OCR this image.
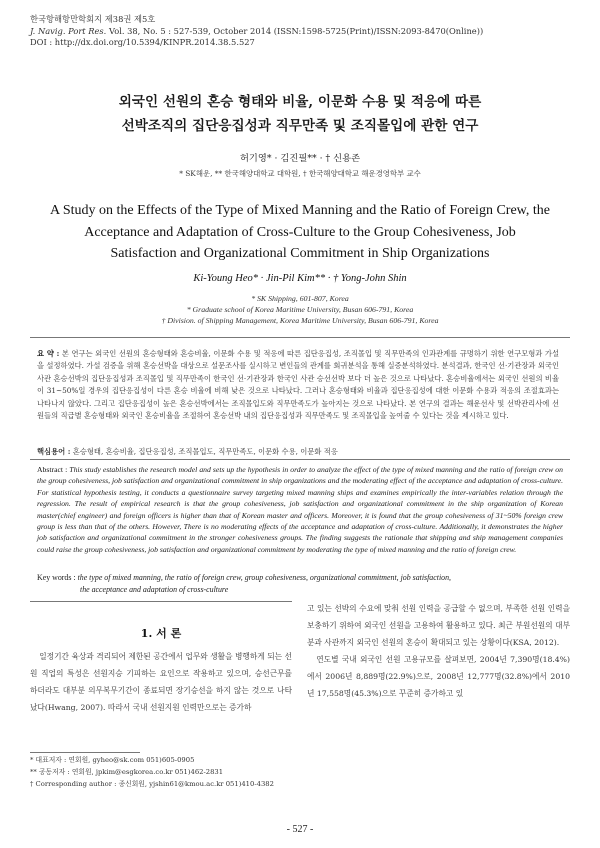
한국항해항만학회지 제38권 제5호
J. Navig. Port Res. Vol. 38, No. 5 : 527-539, October 2014 (ISSN:1598-5725(Print)/ISSN:2093-8470(Online))
DOI : http://dx.doi.org/10.5394/KINPR.2014.38.5.527
외국인 선원의 혼승 형태와 비율, 이문화 수용 및 적응에 따른
선박조직의 집단응집성과 직무만족 및 조직몰입에 관한 연구
허기영* · 김진필** · † 신용존
* SK해운, ** 한국해양대학교 대학원, † 한국해양대학교 해운경영학부 교수
A Study on the Effects of the Type of Mixed Manning and the Ratio of Foreign Crew, the
Acceptance and Adaptation of Cross-Culture to the Group Cohesiveness, Job
Satisfaction and Organizational Commitment in Ship Organizations
Ki-Young Heo* · Jin-Pil Kim** · † Yong-John Shin
* SK Shipping, 601-807, Korea
* Graduate school of Korea Maritime University, Busan 606-791, Korea
† Division. of Shipping Management, Korea Maritime University, Busan 606-791, Korea
요 약 : 본 연구는 외국인 선원의 혼승형태와 혼승비율, 이문화 수용 및 적응에 따른 집단응집성, 조직몰입 및 직무만족의 인과관계를 규명하기 위한 연구모형과 가설을 설정하였다. 가설 검증을 위해 혼승선박을 대상으로 설문조사를 실시하고 변인들의 관계를 회귀분석을 통해 실증분석하였다. 분석결과, 한국인 선·기관장과 외국인 사관 혼승선박의 집단응집성과 조직몰입 및 직무만족이 한국인 선·기관장과 한국인 사관 승선선박 보다 더 높은 것으로 나타났다. 혼승비율에서는 외국인 선원의 비율이 31~50%일 경우의 집단응집성이 다른 혼승 비율에 비해 낮은 것으로 나타났다. 그러나 혼승형태와 비율과 집단응집성에 대한 이문화 수용과 적응의 조절효과는 나타나지 않았다. 그리고 집단응집성이 높은 혼승선박에서는 조직몰입도와 직무만족도가 높아지는 것으로 나타났다. 본 연구의 결과는 해운선사 및 선박관리사에 선원들의 직급별 혼승형태와 외국인 혼승비율을 조절하여 혼승선박 내의 집단응집성과 직무만족도 및 조직몰입을 높여줄 수 있다는 것을 제시하고 있다.
핵심용어 : 혼승형태, 혼승비율, 집단응집성, 조직몰입도, 직무만족도, 이문화 수용, 이문화 적응
Abstract : This study establishes the research model and sets up the hypothesis in order to analyze the effect of the type of mixed manning and the ratio of foreign crew on the group cohesiveness, job satisfaction and organizational commitment in ship organizations and the moderating effect of the acceptance and adaptation of cross-culture. For statistical hypothesis testing, it conducts a questionnaire survey targeting mixed manning ships and examines empirically the inter-variables relation through the regression. The result of empirical research is that the group cohesiveness, job satisfaction and organizational commitment in the ship organization of Korean master(chief engineer) and foreign officers is higher than that of Korean master and officers. Moreover, it is found that the group cohesiveness of 31~50% foreign crew group is less than that of the others. However, There is no moderating effects of the acceptance and adaptation of cross-culture. Additionally, it demonstrates the higher job satisfaction and organizational commitment in the stronger cohesiveness groups. The finding suggests the rationale that shipping and ship management companies could raise the group cohesiveness, job satisfaction and organizational commitment by moderating the type of mixed manning and the ratio of foreign crew.
Key words : the type of mixed manning, the ratio of foreign crew, group cohesiveness, organizational commitment, job satisfaction,
the acceptance and adaptation of cross-culture
1. 서 론

일정기간 육상과 격리되어 제한된 공간에서 업무와 생활을 병행하게 되는 선원 직업의 특성은 선원지승 기피하는 요인으로 작용하고 있으며, 승선근무를 하더라도 대부분 의무복무기간이 종료되면 장기승선을 하지 않는 것으로 나타났다(Hwang, 2007). 따라서 국내 선원지원 인력만으로는 증가하

고 있는 선박의 수요에 맞춰 선원 인력을 공급할 수 없으며, 부족한 선원 인력을 보충하기 위하여 외국인 선원을 고용하여 활용하고 있다. 최근 부원선원의 대부분과 사관까지 외국인 선원의 혼승이 확대되고 있는 상황이다(KSA, 2012).

연도별 국내 외국인 선원 고용규모를 살펴보면, 2004년 7,390명(18.4%)에서 2006년 8,889명(22.9%)으로, 2008년 12,777명(32.8%)에서 2010년 17,558명(45.3%)으로 꾸준히 증가하고 있

* 대표저자 : 연회원, gyheo@sk.com 051)605-0905
** 공동저자 : 연회원, jpkim@esgkorea.co.kr 051)462-2831
† Corresponding author : 종신회원, yjshin61@kmou.ac.kr 051)410-4382
- 527 -
